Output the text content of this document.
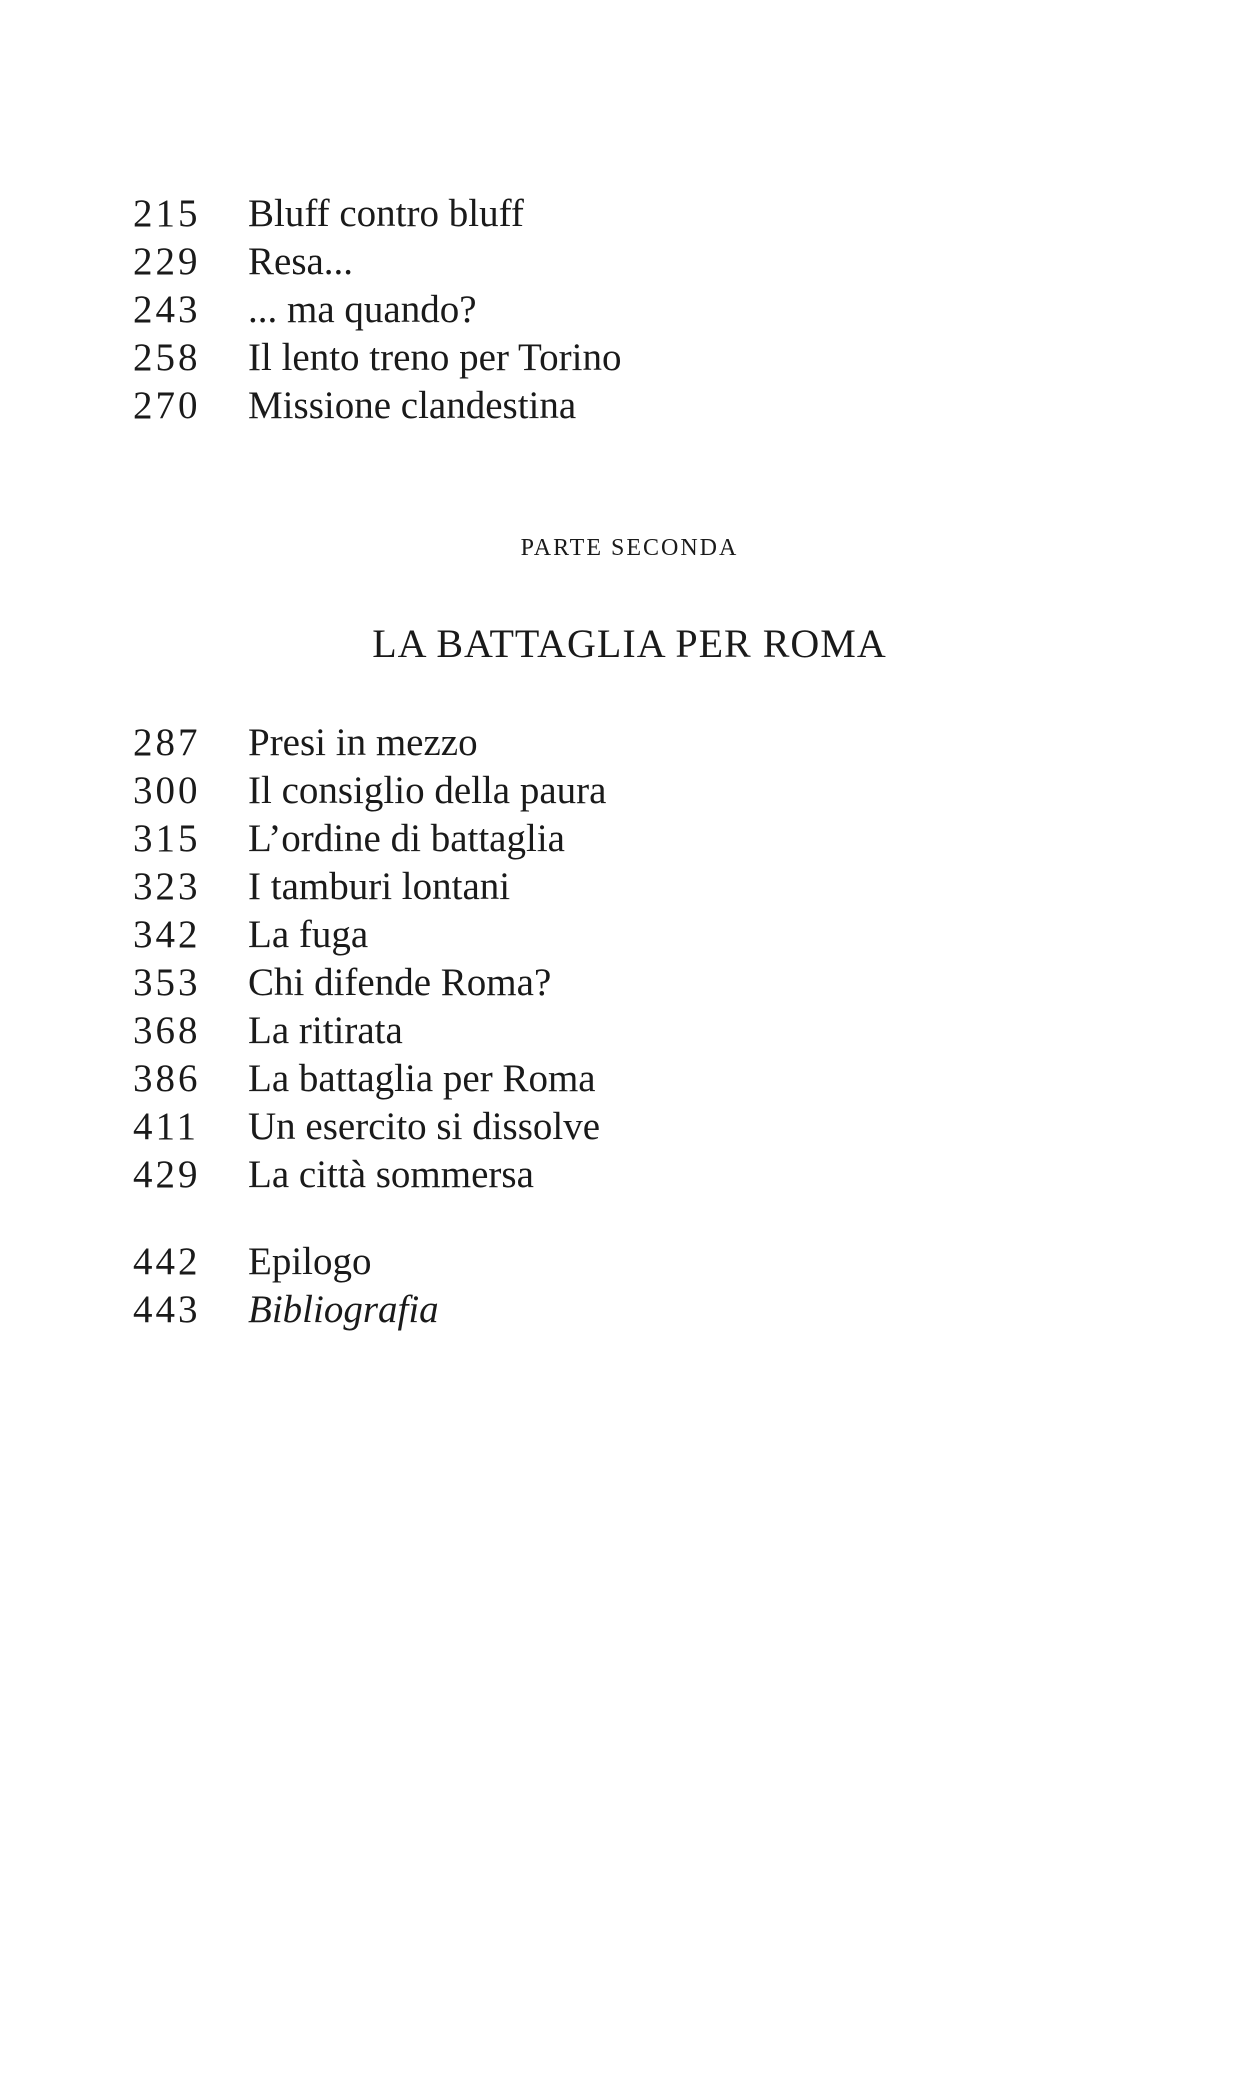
215	Bluff contro bluff
229	Resa...
243	... ma quando?
258	Il lento treno per Torino
270	Missione clandestina
PARTE SECONDA
LA BATTAGLIA PER ROMA
287	Presi in mezzo
300	Il consiglio della paura
315	L’ordine di battaglia
323	I tamburi lontani
342	La fuga
353	Chi difende Roma?
368	La ritirata
386	La battaglia per Roma
411	Un esercito si dissolve
429	La città sommersa
442	Epilogo
443	Bibliografia
